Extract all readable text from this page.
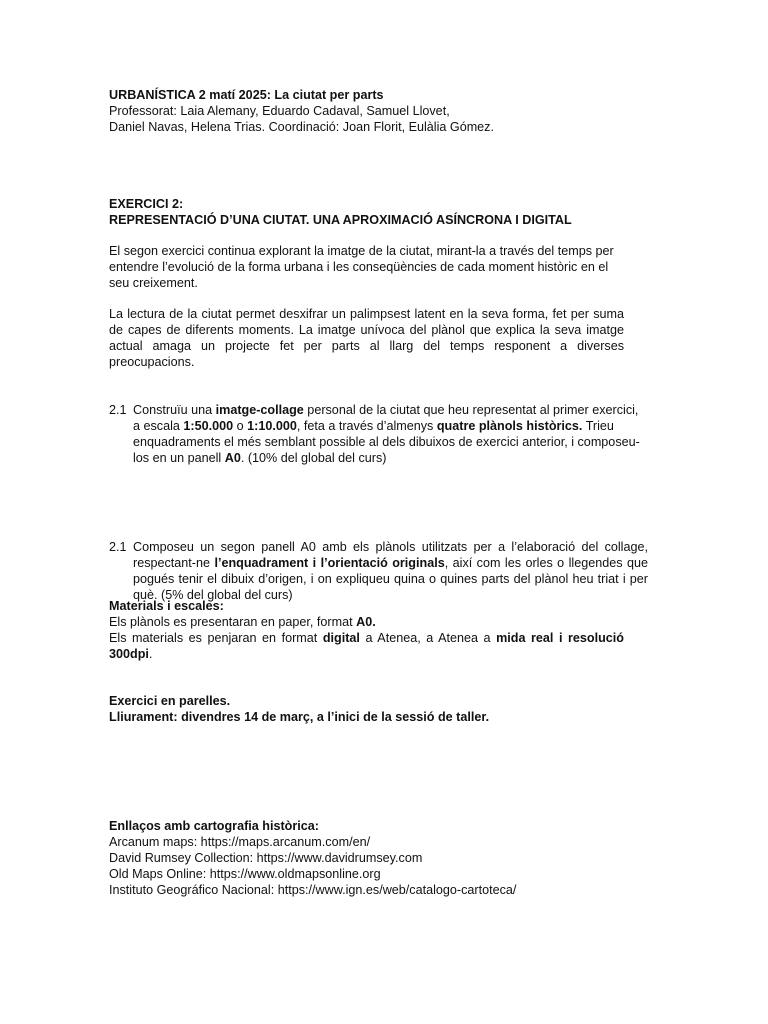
URBANÍSTICA 2 matí 2025: La ciutat per parts

Professorat: Laia Alemany, Eduardo Cadaval, Samuel Llovet,

Daniel Navas, Helena Trias. Coordinació: Joan Florit, Eulàlia Gómez.

EXERCICI 2:

REPRESENTACIÓ D’UNA CIUTAT. UNA APROXIMACIÓ ASÍNCRONA I DIGITAL

El segon exercici continua explorant la imatge de la ciutat, mirant-la a través del temps per entendre l’evolució de la forma urbana i les conseqüències de cada moment històric en el seu creixement.

La lectura de la ciutat permet desxifrar un palimpsest latent en la seva forma, fet per suma de capes de diferents moments. La imatge unívoca del plànol que explica la seva imatge actual amaga un projecte fet per parts al llarg del temps responent a diverses preocupacions.

2.1 Construïu una imatge-collage personal de la ciutat que heu representat al primer exercici, a escala 1:50.000 o 1:10.000, feta a través d’almenys quatre plànols històrics. Trieu enquadraments el més semblant possible al dels dibuixos de exercici anterior, i composeu-los en un panell A0. (10% del global del curs)

2.1 Composeu un segon panell A0 amb els plànols utilitzats per a l’elaboració del collage, respectant-ne l’enquadrament i l’orientació originals, així com les orles o llegendes que pogués tenir el dibuix d’origen, i on expliqueu quina o quines parts del plànol heu triat i per què. (5% del global del curs)

Materials i escales:

Els plànols es presentaran en paper, format A0.

Els materials es penjaran en format digital a Atenea, a Atenea a mida real i resolució 300dpi.

Exercici en parelles.

Lliurament: divendres 14 de març, a l’inici de la sessió de taller.

Enllaços amb cartografia històrica:

Arcanum maps: https://maps.arcanum.com/en/

David Rumsey Collection: https://www.davidrumsey.com

Old Maps Online: https://www.oldmapsonline.org

Instituto Geográfico Nacional: https://www.ign.es/web/catalogo-cartoteca/
